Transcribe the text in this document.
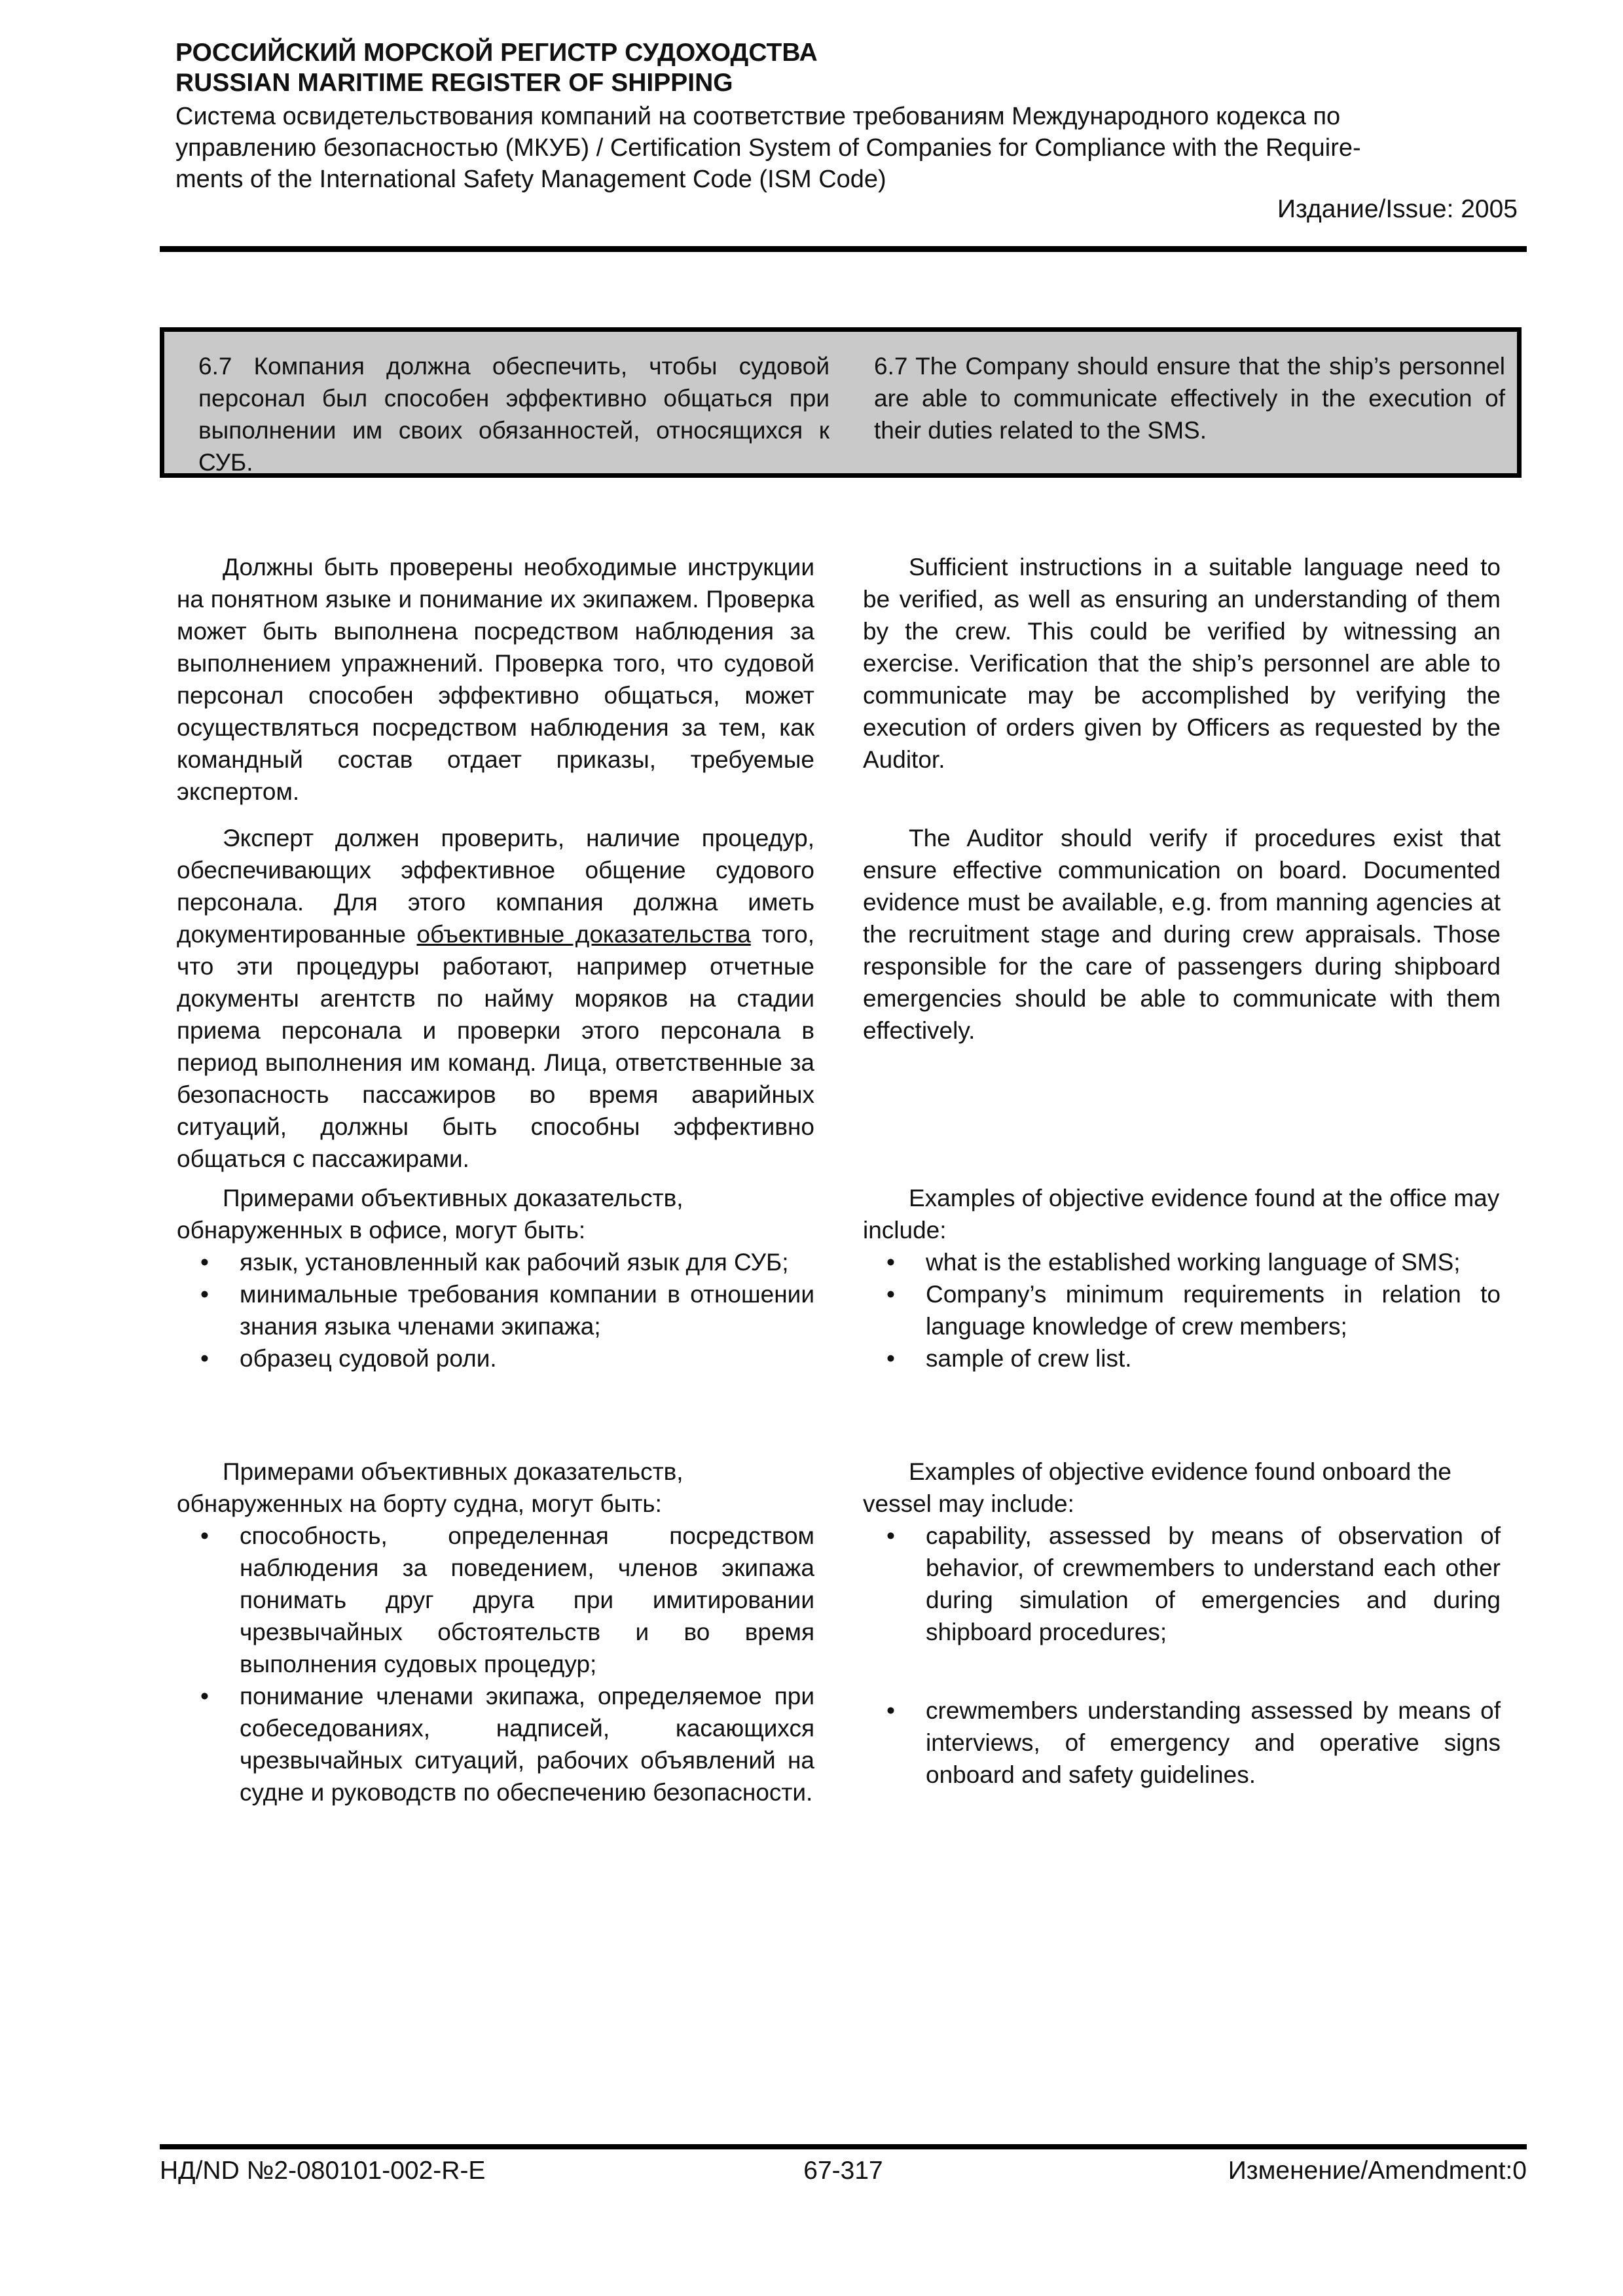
РОССИЙСКИЙ МОРСКОЙ РЕГИСТР СУДОХОДСТВА

RUSSIAN MARITIME REGISTER OF SHIPPING

Система освидетельствования компаний на соответствие требованиям Международного кодекса по
управлению безопасностью (МКУБ) / Certification System of Companies for Compliance with the Require-
ments of the International Safety Management Code (ISM Code)

Издание/Issue: 2005
6.7 Компания должна обеспечить, чтобы судовой персонал был способен эффективно общаться при выполнении им своих обязанностей, относящихся к СУБ.
6.7 The Company should ensure that the ship’s personnel are able to communicate effectively in the execution of their duties related to the SMS.

Должны быть проверены необходимые инструкции на понятном языке и понимание их экипажем. Проверка может быть выполнена посредством наблюдения за выполнением упражнений. Проверка того, что судовой персонал способен эффективно общаться, может осуществляться посредством наблюдения за тем, как командный состав отдает приказы, требуемые экспертом.

Эксперт должен проверить, наличие процедур, обеспечивающих эффективное общение судового персонала. Для этого компания должна иметь документированные объективные доказательства того, что эти процедуры работают, например отчетные документы агентств по найму моряков на стадии приема персонала и проверки этого персонала в период выполнения им команд. Лица, ответственные за безопасность пассажиров во время аварийных ситуаций, должны быть способны эффективно общаться с пассажирами.

Примерами объективных доказательств, обнаруженных в офисе, могут быть:

• язык, установленный как рабочий язык для СУБ;
• минимальные требования компании в отношении знания языка членами экипажа;
• образец судовой роли.

Примерами объективных доказательств, обнаруженных на борту судна, могут быть:

• способность, определенная посредством наблюдения за поведением, членов экипажа понимать друг друга при имитировании чрезвычайных обстоятельств и во время выполнения судовых процедур;
• понимание членами экипажа, определяемое при собеседованиях, надписей, касающихся чрезвычайных ситуаций, рабочих объявлений на судне и руководств по обеспечению безопасности.

Sufficient instructions in a suitable language need to be verified, as well as ensuring an understanding of them by the crew. This could be verified by witnessing an exercise. Verification that the ship’s personnel are able to communicate may be accomplished by verifying the execution of orders given by Officers as requested by the Auditor.

The Auditor should verify if procedures exist that ensure effective communication on board. Documented evidence must be available, e.g. from manning agencies at the recruitment stage and during crew appraisals. Those responsible for the care of passengers during shipboard emergencies should be able to communicate with them effectively.

Examples of objective evidence found at the office may include:

• what is the established working language of SMS;
• Company’s minimum requirements in relation to language knowledge of crew members;
• sample of crew list.

Examples of objective evidence found onboard the vessel may include:

• capability, assessed by means of observation of behavior, of crewmembers to understand each other during simulation of emergencies and during shipboard procedures;
• crewmembers understanding assessed by means of interviews, of emergency and operative signs onboard and safety guidelines.
НД/ND №2-080101-002-R-E	67-317	Изменение/Amendment:0
